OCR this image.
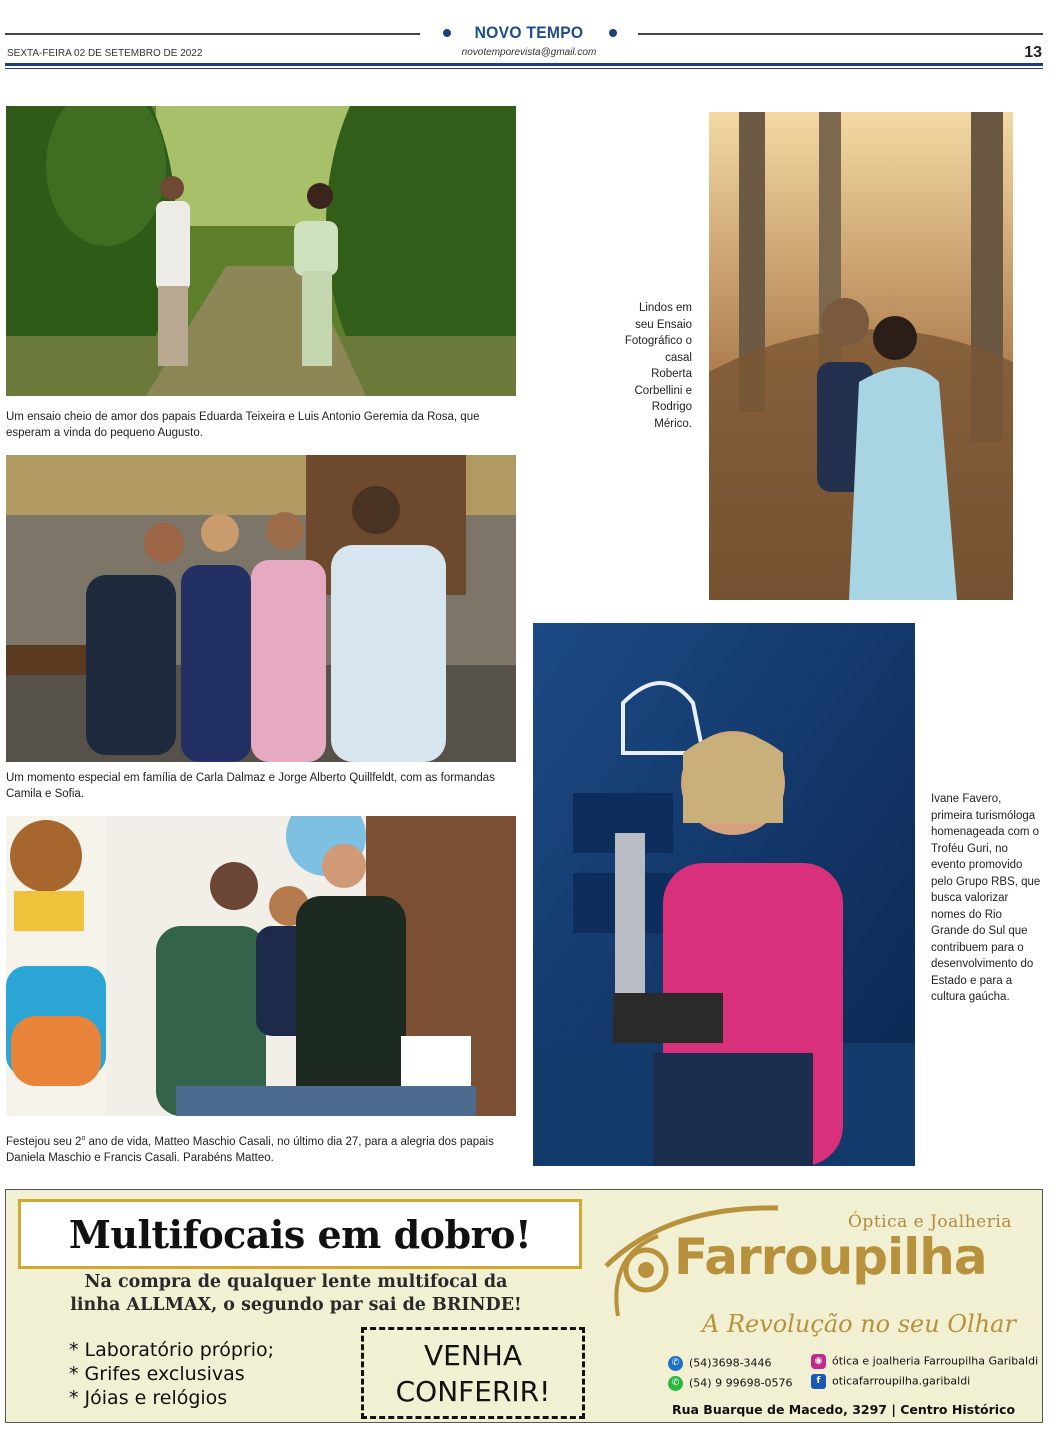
NOVO TEMPO
SEXTA-FEIRA 02 DE SETEMBRO DE 2022	novotemporevista@gmail.com	13
Um ensaio cheio de amor dos papais Eduarda Teixeira e Luis Antonio Geremia da Rosa, que esperam a vinda do pequeno Augusto.
Lindos em seu Ensaio Fotográfico o casal Roberta Corbellini e Rodrigo Mérico.
Um momento especial em família de Carla Dalmaz e Jorge Alberto Quillfeldt, com as formandas Camila e Sofia.
Festejou seu 2$^o$ ano de vida, Matteo Maschio Casali, no último dia 27, para a alegria dos papais Daniela Maschio e Francis Casali. Parabéns Matteo.
Ivane Favero, primeira turismóloga homenageada com o Troféu Guri, no evento promovido pelo Grupo RBS, que busca valorizar nomes do Rio Grande do Sul que contribuem para o desenvolvimento do Estado e para a cultura gaúcha.
Multifocais em dobro!
Na compra de qualquer lente multifocal da
linha ALLMAX, o segundo par sai de BRINDE!
* Laboratório próprio;
* Grifes exclusivas
* Jóias e relógios
VENHA
CONFERIR!
Óptica e Joalheria
Farroupilha
A Revolução no seu Olhar
✆ (54)3698-3446
✆ (54) 9 99698-0576
◉ ótica e joalheria Farroupilha Garibaldi
f oticafarroupilha.garibaldi
Rua Buarque de Macedo, 3297 | Centro Histórico
